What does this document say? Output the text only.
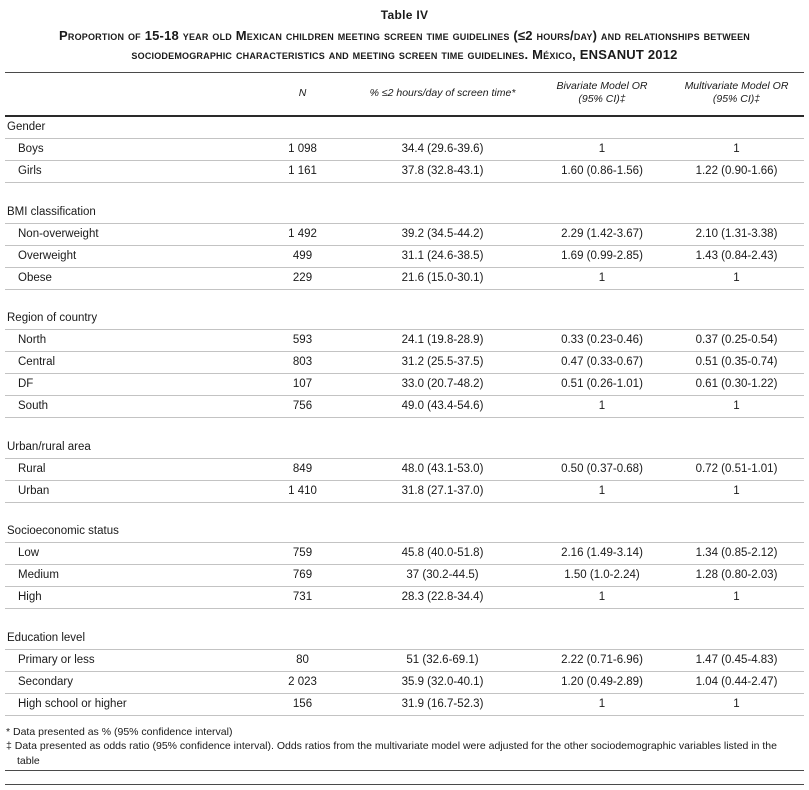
Table IV
Proportion of 15-18 year old Mexican children meeting screen time guidelines (≤2 hours/day) and relationships between sociodemographic characteristics and meeting screen time guidelines. México, ENSANUT 2012
	N	% ≤2 hours/day of screen time*	Bivariate Model OR (95% CI)‡	Multivariate Model OR (95% CI)‡
Gender				
Boys	1 098	34.4 (29.6-39.6)	1	1
Girls	1 161	37.8 (32.8-43.1)	1.60 (0.86-1.56)	1.22 (0.90-1.66)

BMI classification				
Non-overweight	1 492	39.2 (34.5-44.2)	2.29 (1.42-3.67)	2.10 (1.31-3.38)
Overweight	499	31.1 (24.6-38.5)	1.69 (0.99-2.85)	1.43 (0.84-2.43)
Obese	229	21.6 (15.0-30.1)	1	1

Region of country				
North	593	24.1 (19.8-28.9)	0.33 (0.23-0.46)	0.37 (0.25-0.54)
Central	803	31.2 (25.5-37.5)	0.47 (0.33-0.67)	0.51 (0.35-0.74)
DF	107	33.0 (20.7-48.2)	0.51 (0.26-1.01)	0.61 (0.30-1.22)
South	756	49.0 (43.4-54.6)	1	1

Urban/rural area				
Rural	849	48.0 (43.1-53.0)	0.50 (0.37-0.68)	0.72 (0.51-1.01)
Urban	1 410	31.8 (27.1-37.0)	1	1

Socioeconomic status				
Low	759	45.8 (40.0-51.8)	2.16 (1.49-3.14)	1.34 (0.85-2.12)
Medium	769	37 (30.2-44.5)	1.50 (1.0-2.24)	1.28 (0.80-2.03)
High	731	28.3 (22.8-34.4)	1	1

Education level				
Primary or less	80	51 (32.6-69.1)	2.22 (0.71-6.96)	1.47 (0.45-4.83)
Secondary	2 023	35.9 (32.0-40.1)	1.20 (0.49-2.89)	1.04 (0.44-2.47)
High school or higher	156	31.9 (16.7-52.3)	1	1
* Data presented as % (95% confidence interval)
‡ Data presented as odds ratio (95% confidence interval). Odds ratios from the multivariate model were adjusted for the other sociodemographic variables listed in the table
